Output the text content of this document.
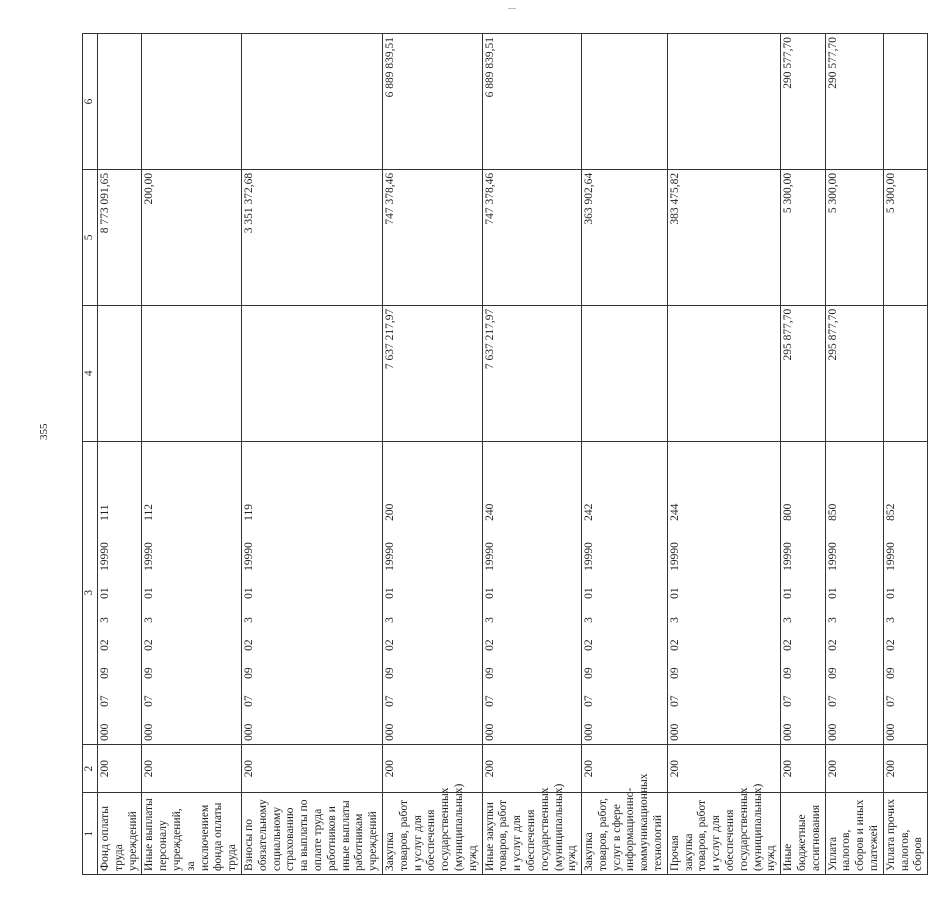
355
1	2	3	4	5	6
Фонд оплаты труда учреждений	200	00007090230119990111		8 773 091,65	
Иные выплаты персоналу учреждений, за исключением фонда оплаты труда	200	00007090230119990112		200,00	
Взносы по обязательному социальному страхованию на выплаты по оплате труда работников и иные выплаты работникам учреждений	200	00007090230119990119		3 351 372,68	
Закупка товаров, работ и услуг для обеспечения государственных (муниципальных) нужд	200	00007090230119990200	7 637 217,97	747 378,46	6 889 839,51
Иные закупки товаров, работ и услуг для обеспечения государственных (муниципальных) нужд	200	00007090230119990240	7 637 217,97	747 378,46	6 889 839,51
Закупка товаров, работ, услуг в сфере информационно-коммуникационных технологий	200	00007090230119990242		363 902,64	
Прочая закупка товаров, работ и услуг для обеспечения государственных (муниципальных) нужд	200	00007090230119990244		383 475,82	
Иные бюджетные ассигнования	200	00007090230119990800	295 877,70	5 300,00	290 577,70
Уплата налогов, сборов и иных платежей	200	00007090230119990850	295 877,70	5 300,00	290 577,70
Уплата прочих налогов, сборов	200	00007090230119990852		5 300,00	
